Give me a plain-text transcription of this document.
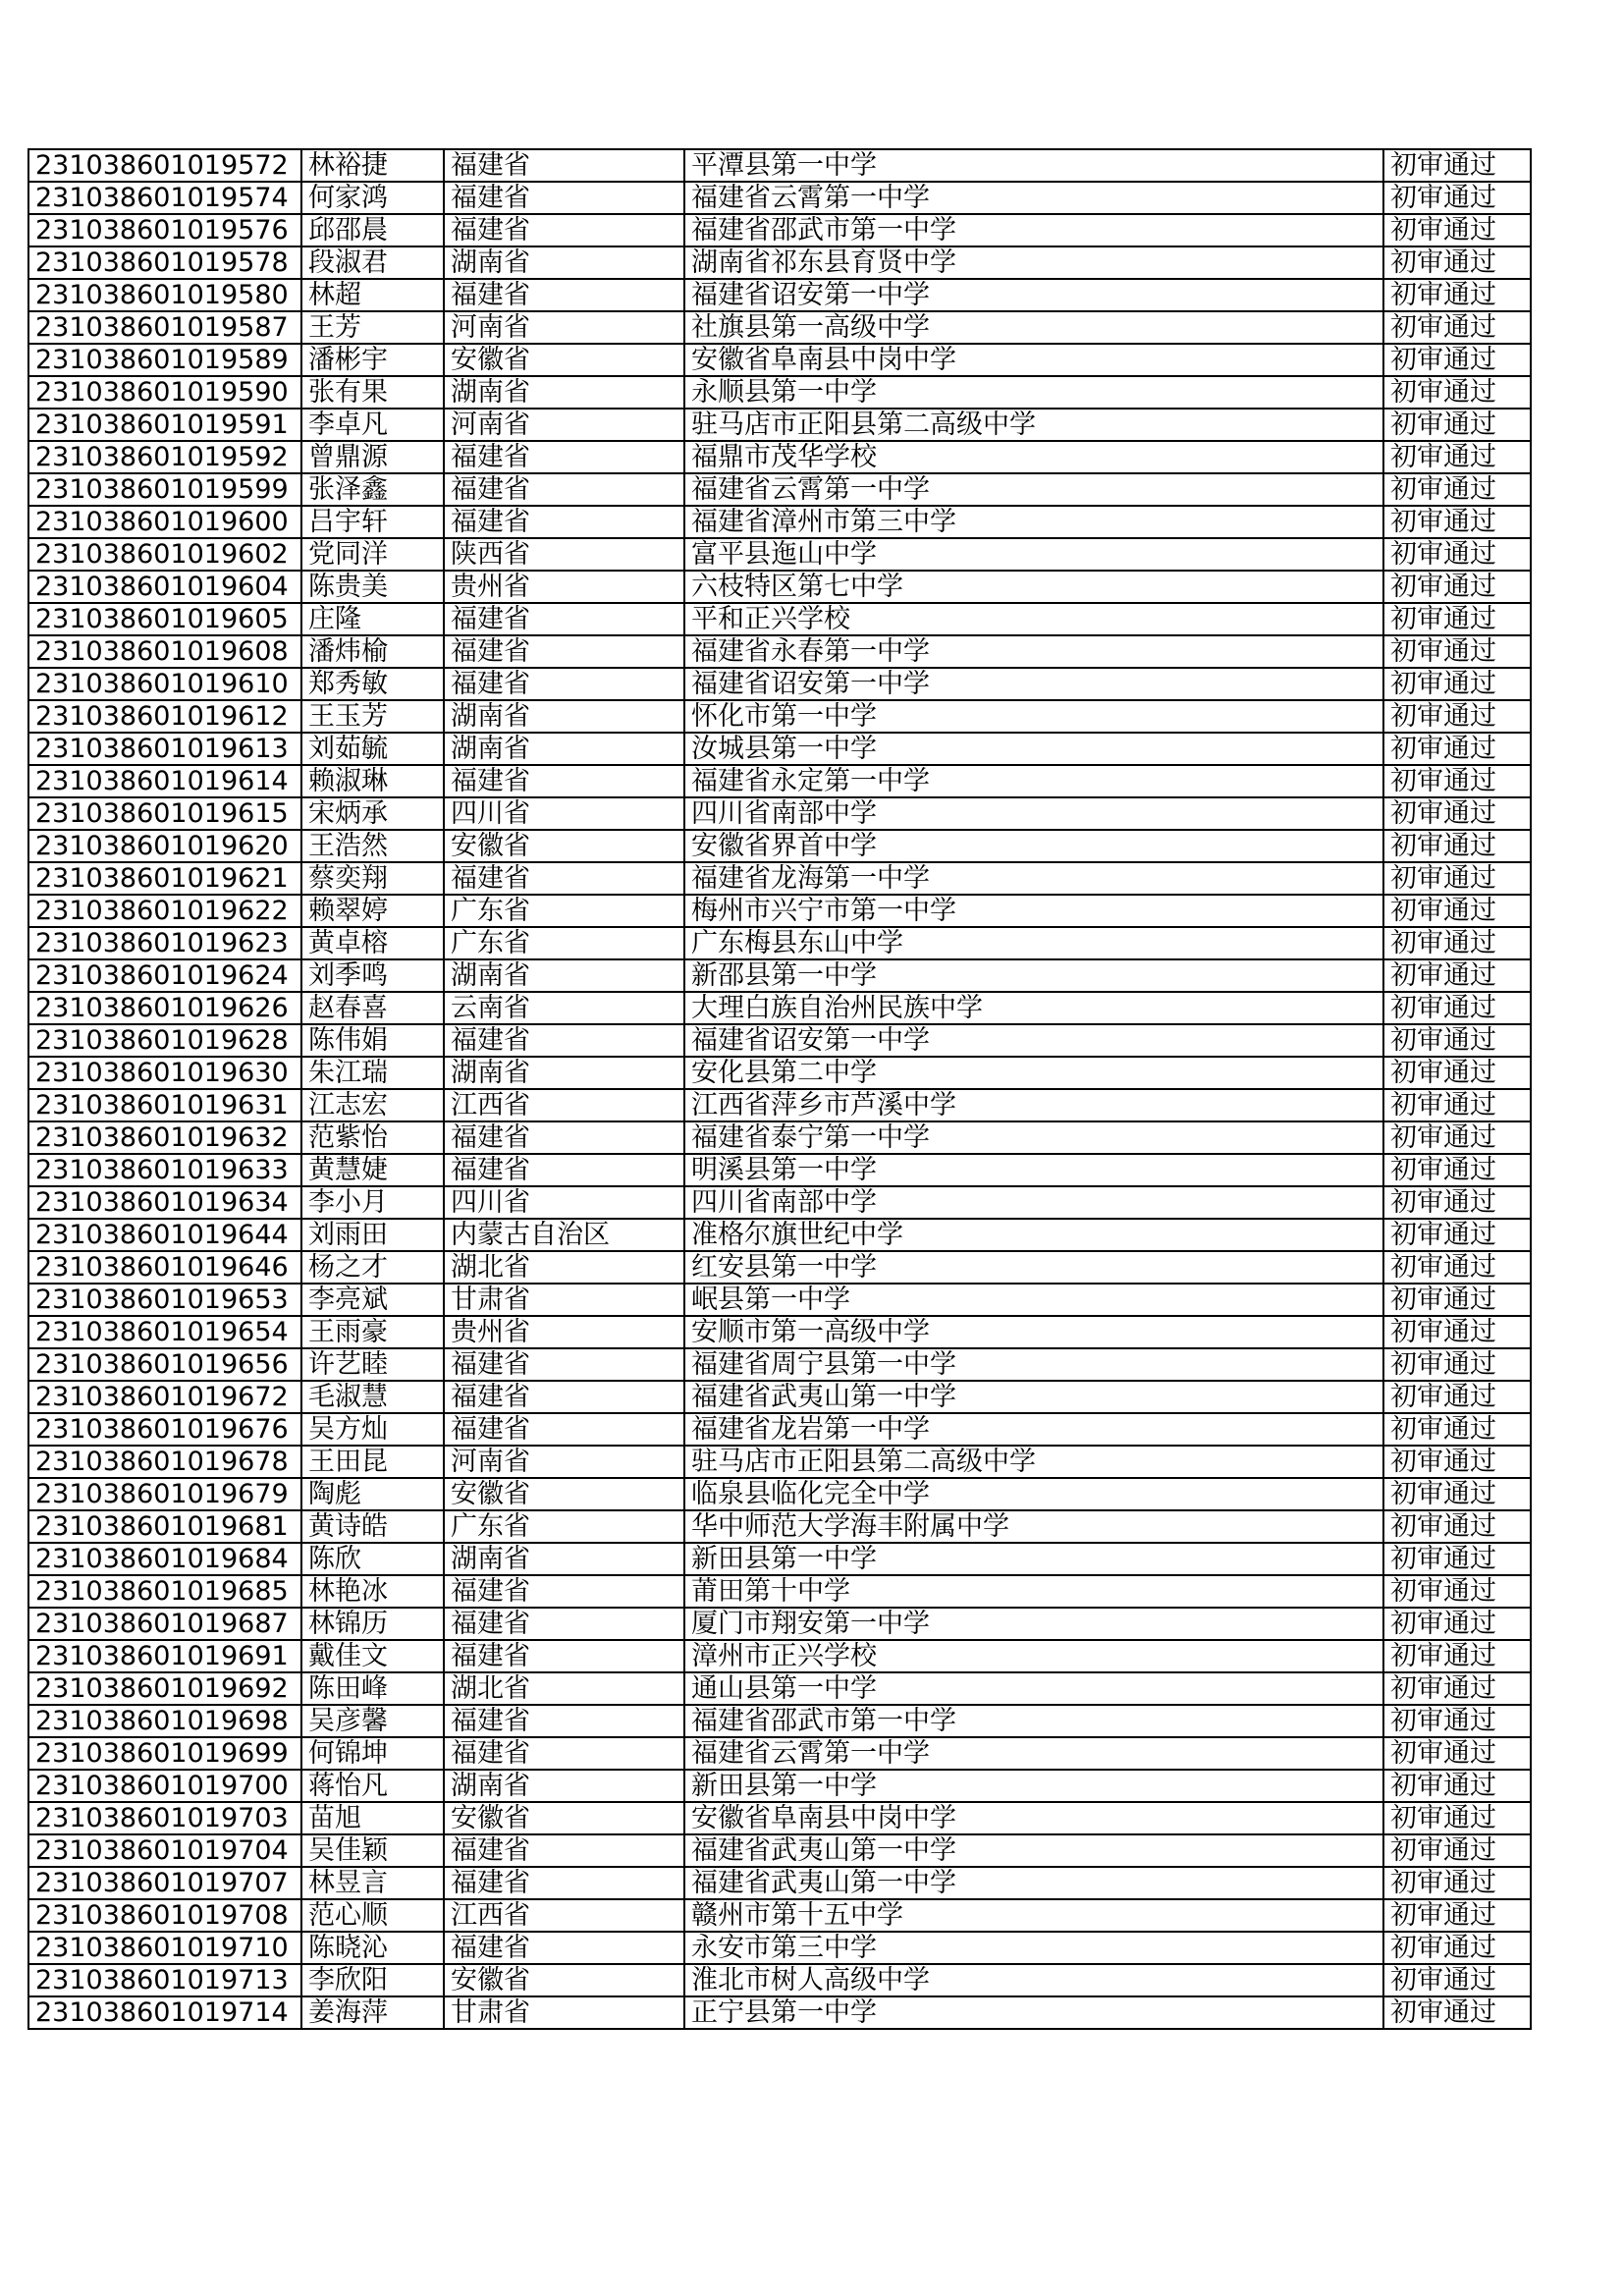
231038601019572	林裕捷	福建省	平潭县第一中学	初审通过
231038601019574	何家鸿	福建省	福建省云霄第一中学	初审通过
231038601019576	邱邵晨	福建省	福建省邵武市第一中学	初审通过
231038601019578	段淑君	湖南省	湖南省祁东县育贤中学	初审通过
231038601019580	林超	福建省	福建省诏安第一中学	初审通过
231038601019587	王芳	河南省	社旗县第一高级中学	初审通过
231038601019589	潘彬宇	安徽省	安徽省阜南县中岗中学	初审通过
231038601019590	张有果	湖南省	永顺县第一中学	初审通过
231038601019591	李卓凡	河南省	驻马店市正阳县第二高级中学	初审通过
231038601019592	曾鼎源	福建省	福鼎市茂华学校	初审通过
231038601019599	张泽鑫	福建省	福建省云霄第一中学	初审通过
231038601019600	吕宇轩	福建省	福建省漳州市第三中学	初审通过
231038601019602	党同洋	陕西省	富平县迤山中学	初审通过
231038601019604	陈贵美	贵州省	六枝特区第七中学	初审通过
231038601019605	庄隆	福建省	平和正兴学校	初审通过
231038601019608	潘炜榆	福建省	福建省永春第一中学	初审通过
231038601019610	郑秀敏	福建省	福建省诏安第一中学	初审通过
231038601019612	王玉芳	湖南省	怀化市第一中学	初审通过
231038601019613	刘茹毓	湖南省	汝城县第一中学	初审通过
231038601019614	赖淑琳	福建省	福建省永定第一中学	初审通过
231038601019615	宋炳承	四川省	四川省南部中学	初审通过
231038601019620	王浩然	安徽省	安徽省界首中学	初审通过
231038601019621	蔡奕翔	福建省	福建省龙海第一中学	初审通过
231038601019622	赖翠婷	广东省	梅州市兴宁市第一中学	初审通过
231038601019623	黄卓榕	广东省	广东梅县东山中学	初审通过
231038601019624	刘季鸣	湖南省	新邵县第一中学	初审通过
231038601019626	赵春喜	云南省	大理白族自治州民族中学	初审通过
231038601019628	陈伟娟	福建省	福建省诏安第一中学	初审通过
231038601019630	朱江瑞	湖南省	安化县第二中学	初审通过
231038601019631	江志宏	江西省	江西省萍乡市芦溪中学	初审通过
231038601019632	范紫怡	福建省	福建省泰宁第一中学	初审通过
231038601019633	黄慧婕	福建省	明溪县第一中学	初审通过
231038601019634	李小月	四川省	四川省南部中学	初审通过
231038601019644	刘雨田	内蒙古自治区	准格尔旗世纪中学	初审通过
231038601019646	杨之才	湖北省	红安县第一中学	初审通过
231038601019653	李亮斌	甘肃省	岷县第一中学	初审通过
231038601019654	王雨豪	贵州省	安顺市第一高级中学	初审通过
231038601019656	许艺睦	福建省	福建省周宁县第一中学	初审通过
231038601019672	毛淑慧	福建省	福建省武夷山第一中学	初审通过
231038601019676	吴方灿	福建省	福建省龙岩第一中学	初审通过
231038601019678	王田昆	河南省	驻马店市正阳县第二高级中学	初审通过
231038601019679	陶彪	安徽省	临泉县临化完全中学	初审通过
231038601019681	黄诗皓	广东省	华中师范大学海丰附属中学	初审通过
231038601019684	陈欣	湖南省	新田县第一中学	初审通过
231038601019685	林艳冰	福建省	莆田第十中学	初审通过
231038601019687	林锦历	福建省	厦门市翔安第一中学	初审通过
231038601019691	戴佳文	福建省	漳州市正兴学校	初审通过
231038601019692	陈田峰	湖北省	通山县第一中学	初审通过
231038601019698	吴彦馨	福建省	福建省邵武市第一中学	初审通过
231038601019699	何锦坤	福建省	福建省云霄第一中学	初审通过
231038601019700	蒋怡凡	湖南省	新田县第一中学	初审通过
231038601019703	苗旭	安徽省	安徽省阜南县中岗中学	初审通过
231038601019704	吴佳颖	福建省	福建省武夷山第一中学	初审通过
231038601019707	林昱言	福建省	福建省武夷山第一中学	初审通过
231038601019708	范心顺	江西省	赣州市第十五中学	初审通过
231038601019710	陈晓沁	福建省	永安市第三中学	初审通过
231038601019713	李欣阳	安徽省	淮北市树人高级中学	初审通过
231038601019714	姜海萍	甘肃省	正宁县第一中学	初审通过
